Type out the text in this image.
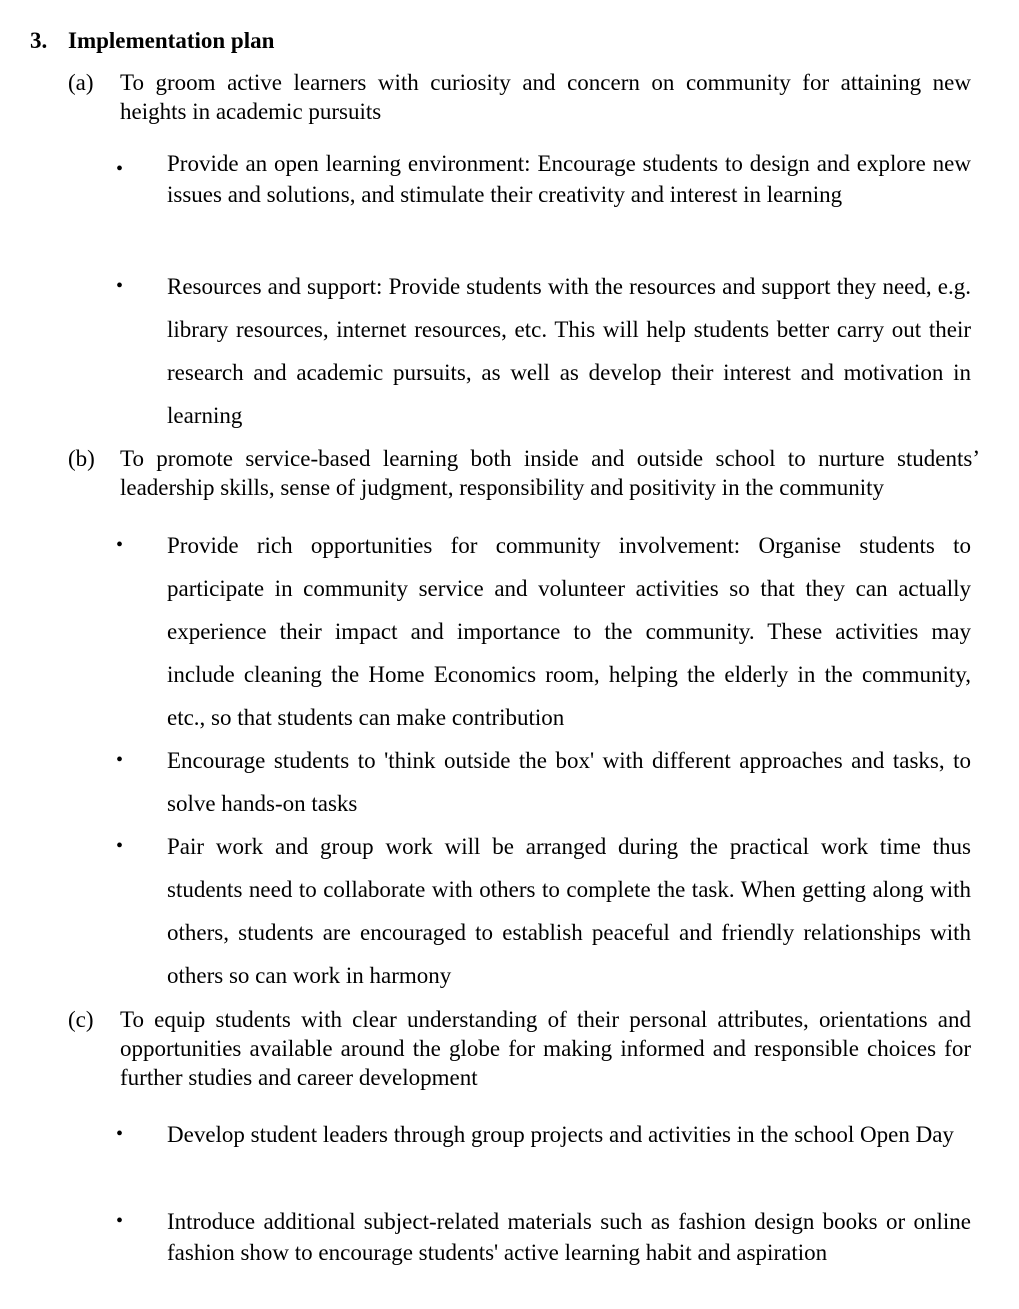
3. Implementation plan
(a)	To groom active learners with curiosity and concern on community for attaining new heights in academic pursuits
•	Provide an open learning environment: Encourage students to design and explore new issues and solutions, and stimulate their creativity and interest in learning
•	Resources and support: Provide students with the resources and support they need, e.g. library resources, internet resources, etc. This will help students better carry out their research and academic pursuits, as well as develop their interest and motivation in learning
(b)	To promote service-based learning both inside and outside school to nurture students’ leadership skills, sense of judgment, responsibility and positivity in the community
•	Provide rich opportunities for community involvement: Organise students to participate in community service and volunteer activities so that they can actually experience their impact and importance to the community. These activities may include cleaning the Home Economics room, helping the elderly in the community, etc., so that students can make contribution
•	Encourage students to 'think outside the box' with different approaches and tasks, to solve hands-on tasks
•	Pair work and group work will be arranged during the practical work time thus students need to collaborate with others to complete the task. When getting along with others, students are encouraged to establish peaceful and friendly relationships with others so can work in harmony
(c)	To equip students with clear understanding of their personal attributes, orientations and opportunities available around the globe for making informed and responsible choices for further studies and career development
•	Develop student leaders through group projects and activities in the school Open Day
•	Introduce additional subject-related materials such as fashion design books or online fashion show to encourage students' active learning habit and aspiration
